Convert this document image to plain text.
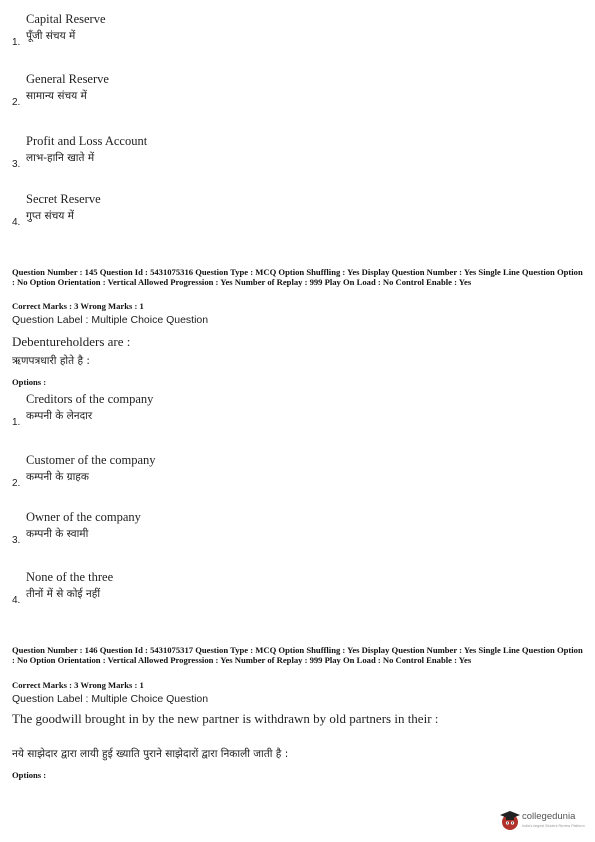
Capital Reserve
पूँजी संचय में
1.
General Reserve
सामान्य संचय में
2.
Profit and Loss Account
लाभ-हानि खाते में
3.
Secret Reserve
गुप्त संचय में
4.
Question Number : 145 Question Id : 5431075316 Question Type : MCQ Option Shuffling : Yes Display Question Number : Yes Single Line Question Option : No Option Orientation : Vertical Allowed Progression : Yes Number of Replay : 999 Play On Load : No Control Enable : Yes
Correct Marks : 3 Wrong Marks : 1
Question Label : Multiple Choice Question
Debentureholders are :
ऋणपत्रधारी होते है :
Options :
Creditors of the company
कम्पनी के लेनदार
1.
Customer of the company
कम्पनी के ग्राहक
2.
Owner of the company
कम्पनी के स्वामी
3.
None of the three
तीनों में से कोई नहीं
4.
Question Number : 146 Question Id : 5431075317 Question Type : MCQ Option Shuffling : Yes Display Question Number : Yes Single Line Question Option : No Option Orientation : Vertical Allowed Progression : Yes Number of Replay : 999 Play On Load : No Control Enable : Yes
Correct Marks : 3 Wrong Marks : 1
Question Label : Multiple Choice Question
The goodwill brought in by the new partner is withdrawn by old partners in their :
नये साझेदार द्वारा लायी हुई ख्याति पुराने साझेदारों द्वारा निकाली जाती है :
Options :
collegedunia
India's largest Student Review Platform
